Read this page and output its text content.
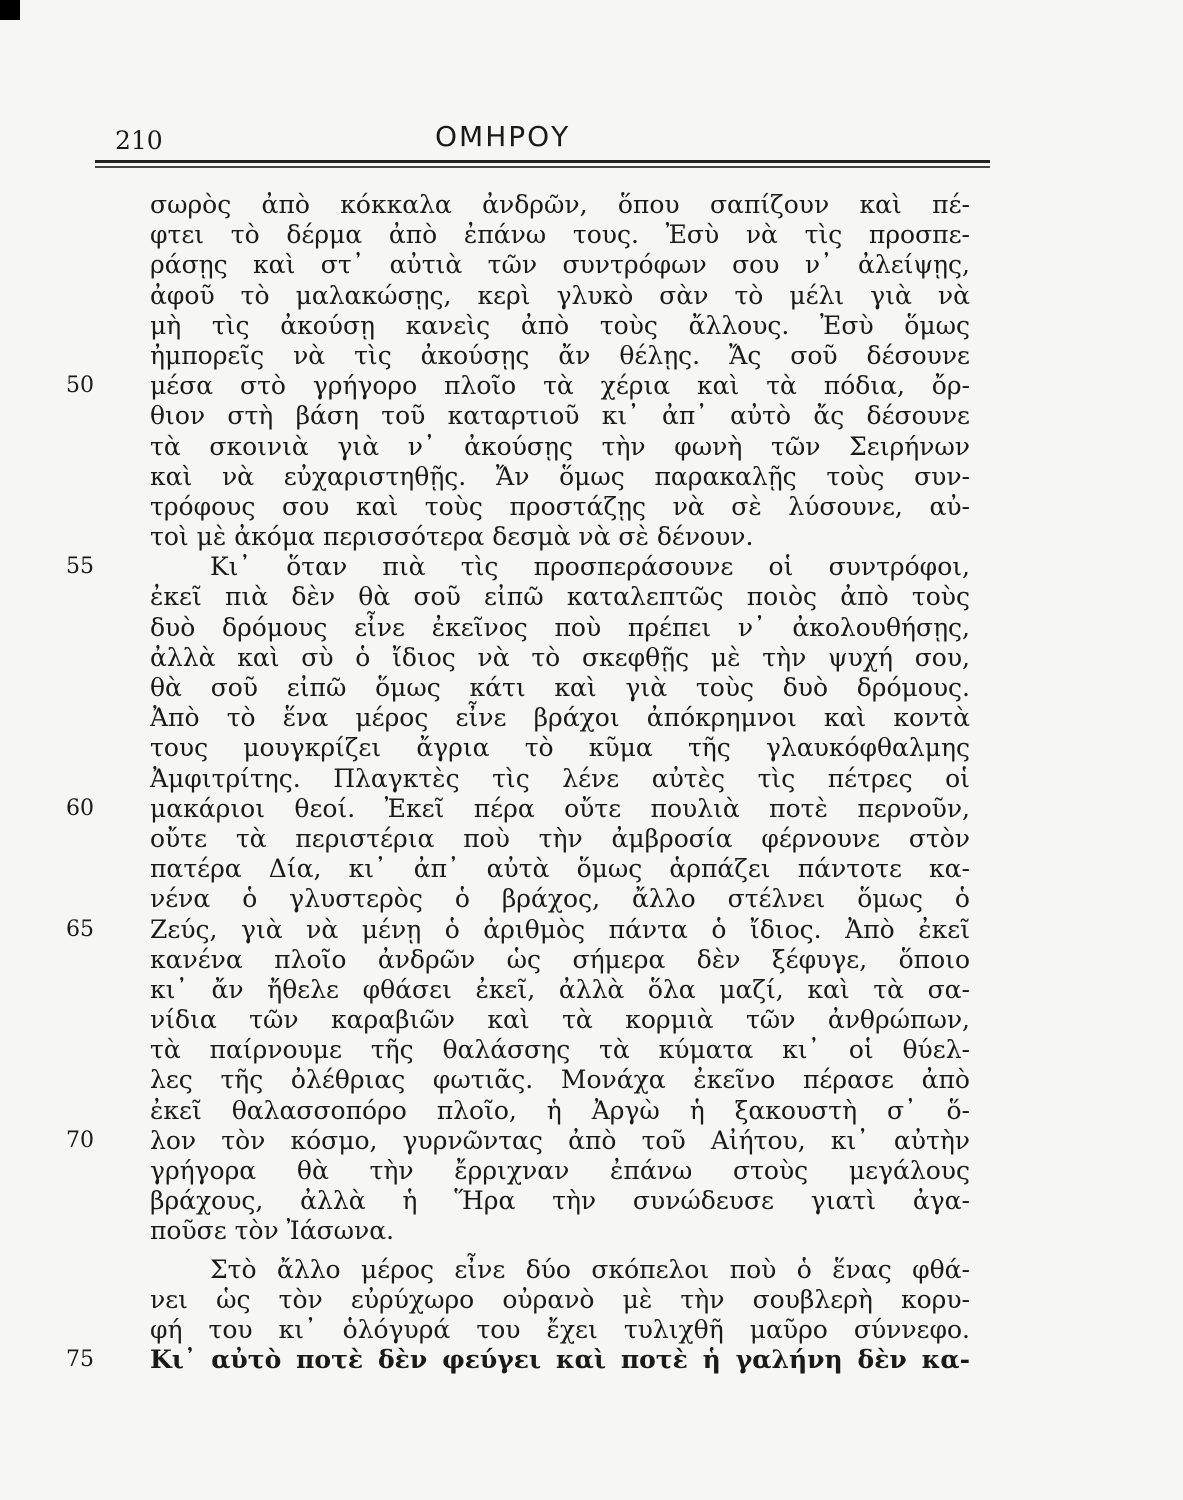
210	ΟΜΗΡΟΥ
σωρὸς ἀπὸ κόκκαλα ἀνδρῶν, ὅπου σαπίζουν καὶ πέ-
φτει τὸ δέρμα ἀπὸ ἐπάνω τους. Ἐσὺ νὰ τὶς προσπε-
ράσῃς καὶ στ᾽ αὐτιὰ τῶν συντρόφων σου ν᾽ ἀλείψῃς,
ἀφοῦ τὸ μαλακώσῃς, κερὶ γλυκὸ σὰν τὸ μέλι γιὰ νὰ
μὴ τὶς ἀκούσῃ κανεὶς ἀπὸ τοὺς ἄλλους. Ἐσὺ ὅμως
ἠμπορεῖς νὰ τὶς ἀκούσῃς ἄν θέλῃς. Ἄς σοῦ δέσουνε
50	μέσα στὸ γρήγορο πλοῖο τὰ χέρια καὶ τὰ πόδια, ὄρ-
θιον στὴ βάση τοῦ καταρτιοῦ κι᾽ ἀπ᾽ αὐτὸ ἄς δέσουνε
τὰ σκοινιὰ γιὰ ν᾽ ἀκούσῃς τὴν φωνὴ τῶν Σειρήνων
καὶ νὰ εὐχαριστηθῇς. Ἄν ὅμως παρακαλῇς τοὺς συν-
τρόφους σου καὶ τοὺς προστάζῃς νὰ σὲ λύσουνε, αὐ-
τοὶ μὲ ἀκόμα περισσότερα δεσμὰ νὰ σὲ δένουν.
55	Κι᾽ ὅταν πιὰ τὶς προσπεράσουνε οἱ συντρόφοι,
ἐκεῖ πιὰ δὲν θὰ σοῦ εἰπῶ καταλεπτῶς ποιὸς ἀπὸ τοὺς
δυὸ δρόμους εἶνε ἐκεῖνος ποὺ πρέπει ν᾽ ἀκολουθήσῃς,
ἀλλὰ καὶ σὺ ὁ ἴδιος νὰ τὸ σκεφθῇς μὲ τὴν ψυχή σου,
θὰ σοῦ εἰπῶ ὅμως κάτι καὶ γιὰ τοὺς δυὸ δρόμους.
Ἀπὸ τὸ ἕνα μέρος εἶνε βράχοι ἀπόκρημνοι καὶ κοντὰ
τους μουγκρίζει ἄγρια τὸ κῦμα τῆς γλαυκόφθαλμης
Ἀμφιτρίτης. Πλαγκτὲς τὶς λένε αὐτὲς τὶς πέτρες οἱ
60	μακάριοι θεοί. Ἐκεῖ πέρα οὔτε πουλιὰ ποτὲ περνοῦν,
οὔτε τὰ περιστέρια ποὺ τὴν ἀμβροσία φέρνουνε στὸν
πατέρα Δία, κι᾽ ἀπ᾽ αὐτὰ ὅμως ἁρπάζει πάντοτε κα-
νένα ὁ γλυστερὸς ὁ βράχος, ἄλλο στέλνει ὅμως ὁ
65	Ζεύς, γιὰ νὰ μένῃ ὁ ἀριθμὸς πάντα ὁ ἴδιος. Ἀπὸ ἐκεῖ
κανένα πλοῖο ἀνδρῶν ὡς σήμερα δὲν ξέφυγε, ὅποιο
κι᾽ ἄν ἤθελε φθάσει ἐκεῖ, ἀλλὰ ὅλα μαζί, καὶ τὰ σα-
νίδια τῶν καραβιῶν καὶ τὰ κορμιὰ τῶν ἀνθρώπων,
τὰ παίρνουμε τῆς θαλάσσης τὰ κύματα κι᾽ οἱ θύελ-
λες τῆς ὀλέθριας φωτιᾶς. Μονάχα ἐκεῖνο πέρασε ἀπὸ
ἐκεῖ θαλασσοπόρο πλοῖο, ἡ Ἀργὼ ἡ ξακουστὴ σ᾽ ὅ-
70	λον τὸν κόσμο, γυρνῶντας ἀπὸ τοῦ Αἰήτου, κι᾽ αὐτὴν
γρήγορα θὰ τὴν ἔρριχναν ἐπάνω στοὺς μεγάλους
βράχους, ἀλλὰ ἡ Ἥρα τὴν συνώδευσε γιατὶ ἀγα-
ποῦσε τὸν Ἰάσωνα.
Στὸ ἄλλο μέρος εἶνε δύο σκόπελοι ποὺ ὁ ἕνας φθά-
νει ὡς τὸν εὐρύχωρο οὐρανὸ μὲ τὴν σουβλερὴ κορυ-
φή του κι᾽ ὁλόγυρά του ἔχει τυλιχθῆ μαῦρο σύννεφο.
75	Κι᾽ αὐτὸ ποτὲ δὲν φεύγει καὶ ποτὲ ἡ γαλήνη δὲν κα-
